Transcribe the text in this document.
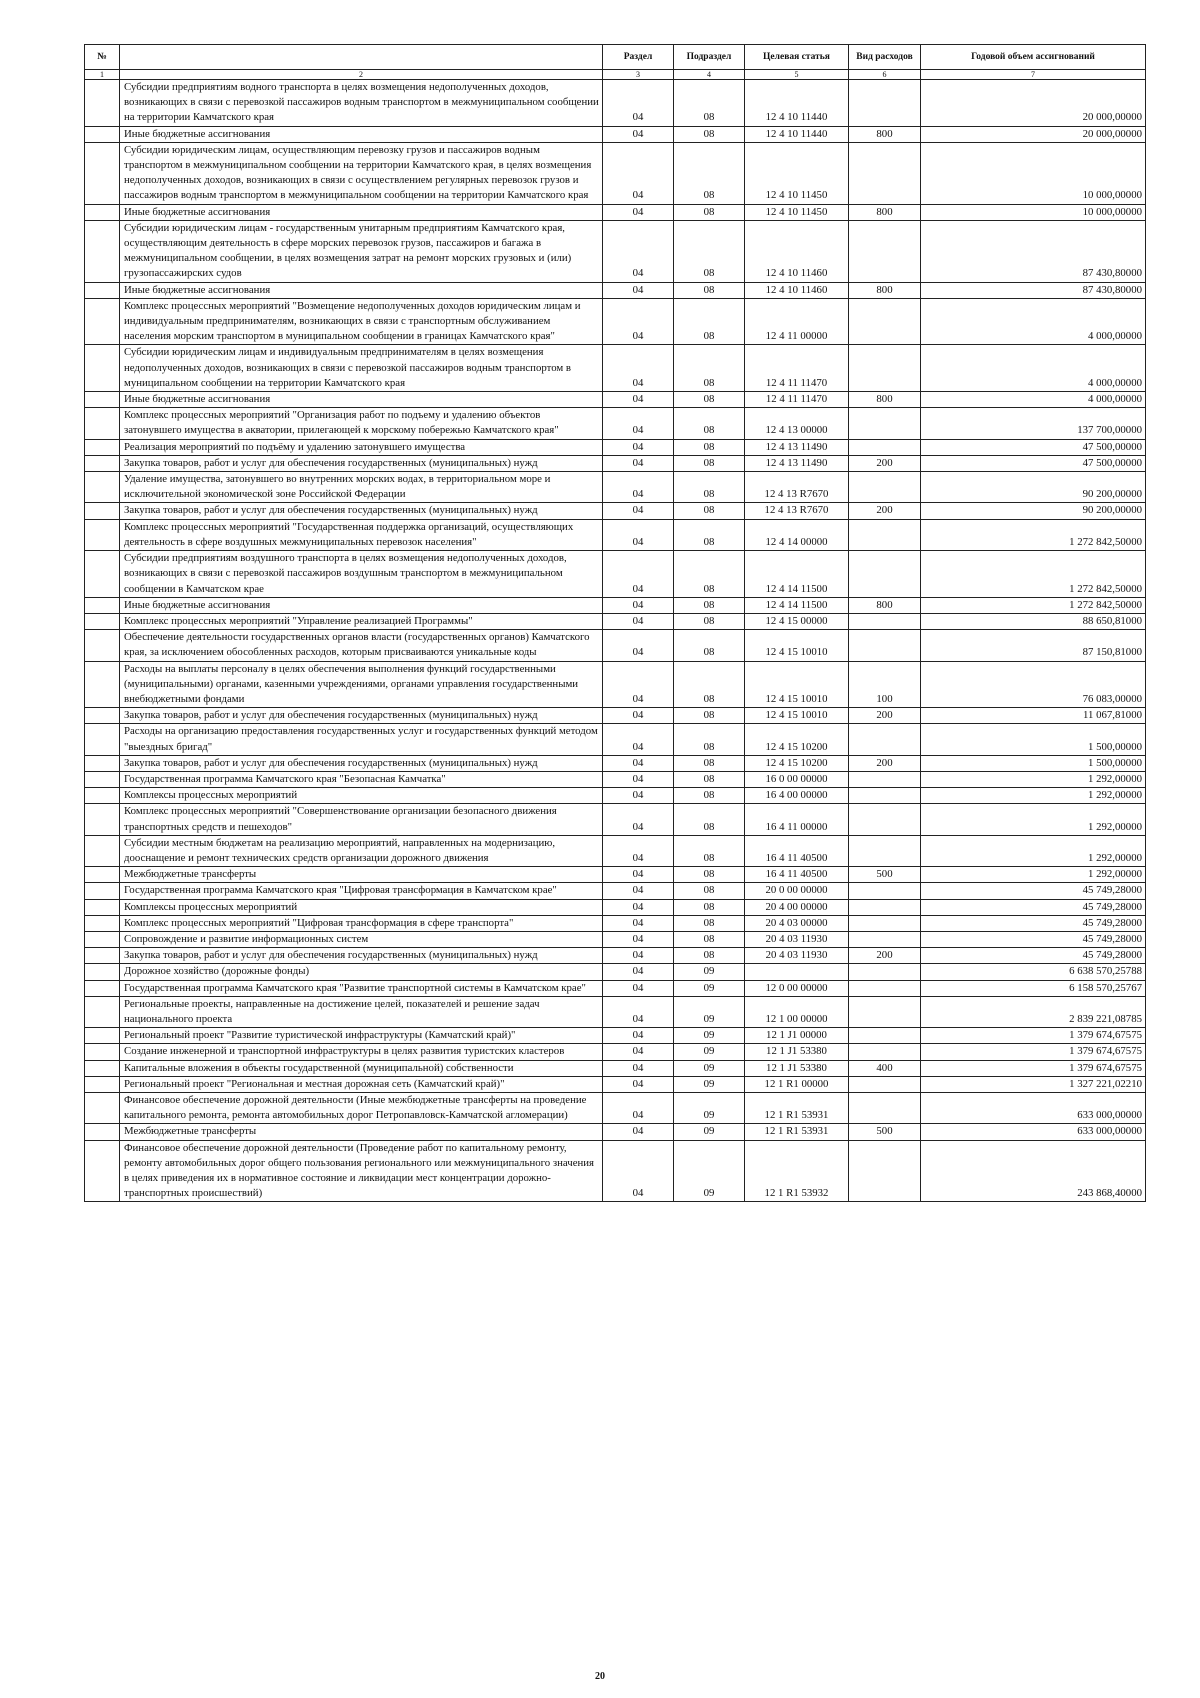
№		Раздел	Подраздел	Целевая статья	Вид расходов	Годовой объем ассигнований
1	2	3	4	5	6	7
	Субсидии предприятиям водного транспорта в целях возмещения недополученных доходов, возникающих в связи с перевозкой пассажиров водным транспортом в межмуниципальном сообщении на территории Камчатского края	04	08	12 4 10 11440		20 000,00000
	Иные бюджетные ассигнования	04	08	12 4 10 11440	800	20 000,00000
	Субсидии юридическим лицам, осуществляющим перевозку грузов и пассажиров водным транспортом в межмуниципальном сообщении на территории Камчатского края, в целях возмещения недополученных доходов, возникающих в связи с осуществлением регулярных перевозок грузов и пассажиров водным транспортом в межмуниципальном сообщении на территории Камчатского края	04	08	12 4 10 11450		10 000,00000
	Иные бюджетные ассигнования	04	08	12 4 10 11450	800	10 000,00000
	Субсидии юридическим лицам - государственным унитарным предприятиям Камчатского края, осуществляющим деятельность в сфере морских перевозок грузов, пассажиров и багажа в межмуниципальном сообщении, в целях возмещения затрат на ремонт морских грузовых и (или) грузопассажирских судов	04	08	12 4 10 11460		87 430,80000
	Иные бюджетные ассигнования	04	08	12 4 10 11460	800	87 430,80000
	Комплекс процессных мероприятий "Возмещение недополученных доходов юридическим лицам и индивидуальным предпринимателям, возникающих в связи с транспортным обслуживанием населения морским транспортом в муниципальном сообщении в границах Камчатского края"	04	08	12 4 11 00000		4 000,00000
	Субсидии юридическим лицам и индивидуальным предпринимателям в целях возмещения недополученных доходов, возникающих в связи с перевозкой пассажиров водным транспортом в муниципальном сообщении на территории Камчатского края	04	08	12 4 11 11470		4 000,00000
	Иные бюджетные ассигнования	04	08	12 4 11 11470	800	4 000,00000
	Комплекс процессных мероприятий "Организация работ по подъему и удалению объектов затонувшего имущества в акватории, прилегающей к морскому побережью Камчатского края"	04	08	12 4 13 00000		137 700,00000
	Реализация мероприятий по подъёму и удалению затонувшего имущества	04	08	12 4 13 11490		47 500,00000
	Закупка товаров, работ и услуг для обеспечения государственных (муниципальных) нужд	04	08	12 4 13 11490	200	47 500,00000
	Удаление имущества, затонувшего во внутренних морских водах, в территориальном море и исключительной экономической зоне Российской Федерации	04	08	12 4 13 R7670		90 200,00000
	Закупка товаров, работ и услуг для обеспечения государственных (муниципальных) нужд	04	08	12 4 13 R7670	200	90 200,00000
	Комплекс процессных мероприятий "Государственная поддержка организаций, осуществляющих деятельность в сфере воздушных межмуниципальных перевозок населения"	04	08	12 4 14 00000		1 272 842,50000
	Субсидии предприятиям воздушного транспорта в целях возмещения недополученных доходов, возникающих в связи с перевозкой пассажиров воздушным транспортом в межмуниципальном сообщении в Камчатском крае	04	08	12 4 14 11500		1 272 842,50000
	Иные бюджетные ассигнования	04	08	12 4 14 11500	800	1 272 842,50000
	Комплекс процессных мероприятий "Управление реализацией Программы"	04	08	12 4 15 00000		88 650,81000
	Обеспечение деятельности государственных органов власти (государственных органов) Камчатского края, за исключением обособленных расходов, которым присваиваются уникальные коды	04	08	12 4 15 10010		87 150,81000
	Расходы на выплаты персоналу в целях обеспечения выполнения функций государственными (муниципальными) органами, казенными учреждениями, органами управления государственными внебюджетными фондами	04	08	12 4 15 10010	100	76 083,00000
	Закупка товаров, работ и услуг для обеспечения государственных (муниципальных) нужд	04	08	12 4 15 10010	200	11 067,81000
	Расходы на организацию предоставления государственных услуг и государственных функций методом "выездных бригад"	04	08	12 4 15 10200		1 500,00000
	Закупка товаров, работ и услуг для обеспечения государственных (муниципальных) нужд	04	08	12 4 15 10200	200	1 500,00000
	Государственная программа Камчатского края "Безопасная Камчатка"	04	08	16 0 00 00000		1 292,00000
	Комплексы процессных мероприятий	04	08	16 4 00 00000		1 292,00000
	Комплекс процессных мероприятий "Совершенствование организации безопасного движения транспортных средств и пешеходов"	04	08	16 4 11 00000		1 292,00000
	Субсидии местным бюджетам на реализацию мероприятий, направленных на модернизацию, дооснащение и ремонт технических средств организации дорожного движения	04	08	16 4 11 40500		1 292,00000
	Межбюджетные трансферты	04	08	16 4 11 40500	500	1 292,00000
	Государственная программа Камчатского края "Цифровая трансформация в Камчатском крае"	04	08	20 0 00 00000		45 749,28000
	Комплексы процессных мероприятий	04	08	20 4 00 00000		45 749,28000
	Комплекс процессных мероприятий "Цифровая трансформация в сфере транспорта"	04	08	20 4 03 00000		45 749,28000
	Сопровождение и развитие информационных систем	04	08	20 4 03 11930		45 749,28000
	Закупка товаров, работ и услуг для обеспечения государственных (муниципальных) нужд	04	08	20 4 03 11930	200	45 749,28000
	Дорожное хозяйство (дорожные фонды)	04	09			6 638 570,25788
	Государственная программа Камчатского края "Развитие транспортной системы в Камчатском крае"	04	09	12 0 00 00000		6 158 570,25767
	Региональные проекты, направленные на достижение целей, показателей и решение задач национального проекта	04	09	12 1 00 00000		2 839 221,08785
	Региональный проект "Развитие туристической инфраструктуры (Камчатский край)"	04	09	12 1 J1 00000		1 379 674,67575
	Создание инженерной и транспортной инфраструктуры в целях развития туристских кластеров	04	09	12 1 J1 53380		1 379 674,67575
	Капитальные вложения в объекты государственной (муниципальной) собственности	04	09	12 1 J1 53380	400	1 379 674,67575
	Региональный проект "Региональная и местная дорожная сеть (Камчатский край)"	04	09	12 1 R1 00000		1 327 221,02210
	Финансовое обеспечение дорожной деятельности (Иные межбюджетные трансферты на проведение капитального ремонта, ремонта автомобильных дорог Петропавловск-Камчатской агломерации)	04	09	12 1 R1 53931		633 000,00000
	Межбюджетные трансферты	04	09	12 1 R1 53931	500	633 000,00000
	Финансовое обеспечение дорожной деятельности (Проведение работ по капитальному ремонту, ремонту автомобильных дорог общего пользования регионального или межмуниципального значения в целях приведения их в нормативное состояние и ликвидации мест концентрации дорожно-транспортных происшествий)	04	09	12 1 R1 53932		243 868,40000
20
